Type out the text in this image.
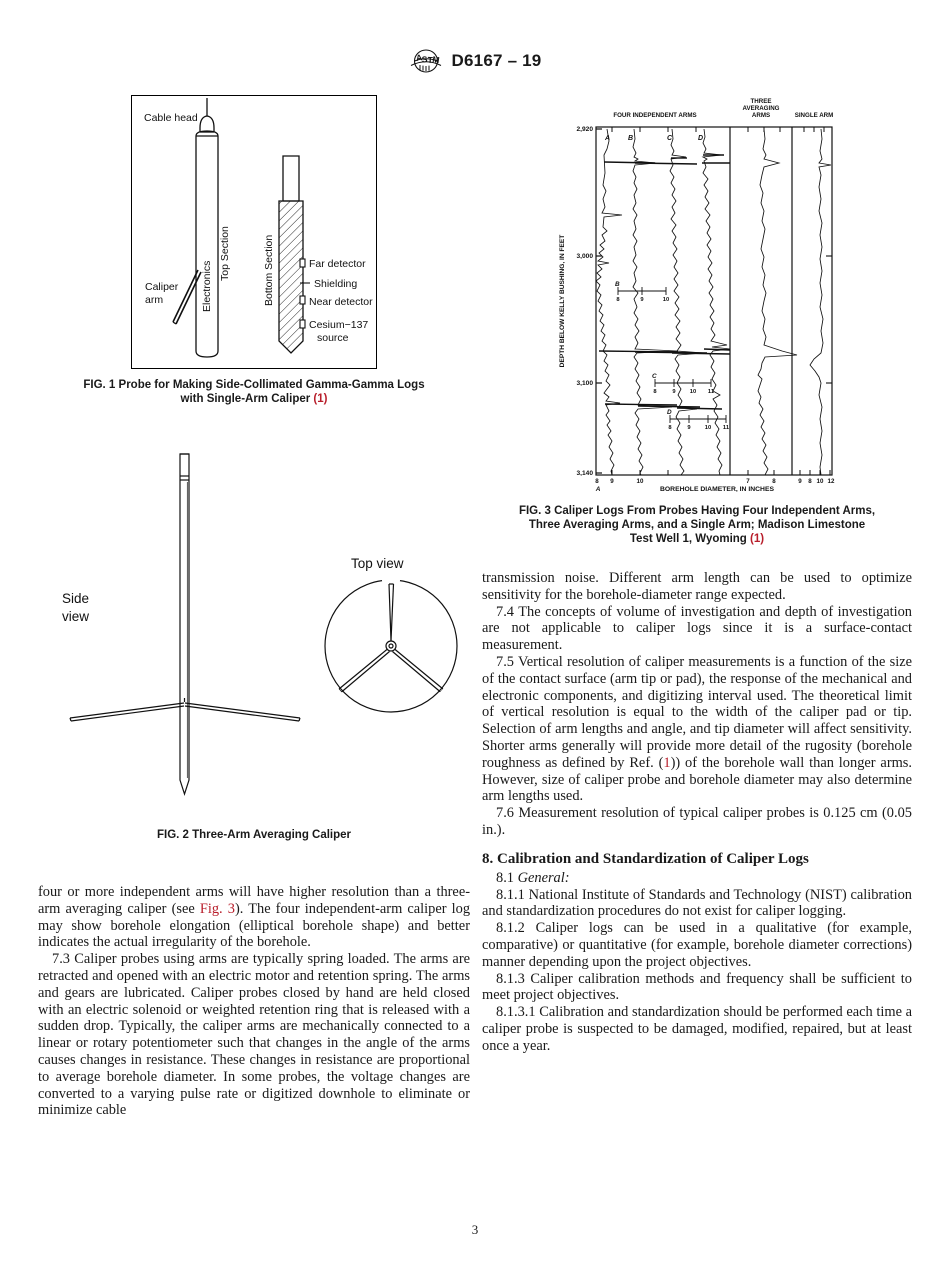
A
S T
M D6167 – 19
Cable head
Top Section
Electronics
Caliper
arm	Bottom Section	Far detector
Shielding
Near detector
Cesium−137
source
FIG. 1 Probe for Making Side-Collimated Gamma-Gamma Logs
with Single-Arm Caliper (1)
Side
view
Top view
FIG. 2 Three-Arm Averaging Caliper

four or more independent arms will have higher resolution than a three-arm averaging caliper (see Fig. 3). The four independent-arm caliper log may show borehole elongation (elliptical borehole shape) and better indicates the actual irregularity of the borehole.

7.3 Caliper probes using arms are typically spring loaded. The arms are retracted and opened with an electric motor and retention spring. The arms and gears are lubricated. Caliper probes closed by hand are held closed with an electric solenoid or weighted retention ring that is released with a sudden drop. Typically, the caliper arms are mechanically connected to a linear or rotary potentiometer such that changes in the angle of the arms causes changes in resistance. These changes in resistance are proportional to average borehole diameter. In some probes, the voltage changes are converted to a varying pulse rate or digitized downhole to eliminate or minimize cable

FOUR INDEPENDENT ARMS
THREE
AVERAGING
ARMS	SINGLE ARM
2,920
3,000
3,100
3,140
DEPTH BELOW KELLY BUSHING, IN FEET
8 9	10	7	8	9 8 10 12
A	BOREHOLE DIAMETER, IN INCHES
A	B	C	D
8	9	10
B
8	9 10 11
C
8	9 10 11
D
FIG. 3 Caliper Logs From Probes Having Four Independent Arms,
Three Averaging Arms, and a Single Arm; Madison Limestone
Test Well 1, Wyoming (1)

transmission noise. Different arm length can be used to optimize sensitivity for the borehole-diameter range expected.

7.4 The concepts of volume of investigation and depth of investigation are not applicable to caliper logs since it is a surface-contact measurement.

7.5 Vertical resolution of caliper measurements is a function of the size of the contact surface (arm tip or pad), the response of the mechanical and electronic components, and digitizing interval used. The theoretical limit of vertical resolution is equal to the width of the caliper pad or tip. Selection of arm lengths and angle, and tip diameter will affect sensitivity. Shorter arms generally will provide more detail of the rugosity (borehole roughness as defined by Ref. (1)) of the borehole wall than longer arms. However, size of caliper probe and borehole diameter may also determine arm lengths used.

7.6 Measurement resolution of typical caliper probes is 0.125 cm (0.05 in.).

8. Calibration and Standardization of Caliper Logs

8.1 General:

8.1.1 National Institute of Standards and Technology (NIST) calibration and standardization procedures do not exist for caliper logging.

8.1.2 Caliper logs can be used in a qualitative (for example, comparative) or quantitative (for example, borehole diameter corrections) manner depending upon the project objectives.

8.1.3 Caliper calibration methods and frequency shall be sufficient to meet project objectives.

8.1.3.1 Calibration and standardization should be performed each time a caliper probe is suspected to be damaged, modified, repaired, but at least once a year.

3
